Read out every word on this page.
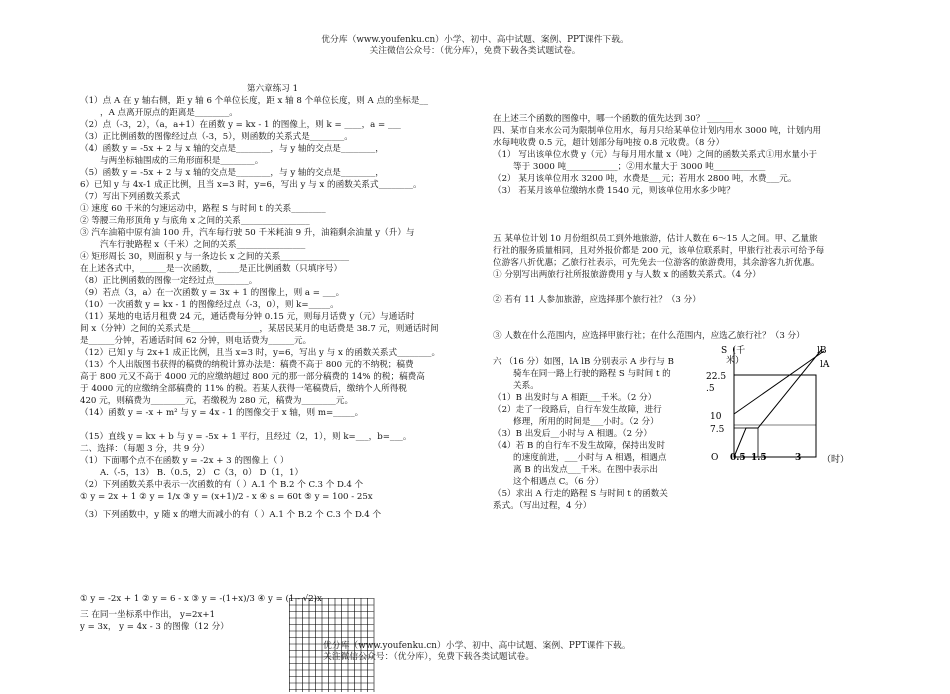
优分库（www.youfenku.cn）小学、初中、高中试题、案例、PPT课件下载。
关注微信公众号：（优分库），免费下载各类试题试卷。
第六章练习 1
（1）点 A 在 y 轴右侧，距 y 轴 6 个单位长度，距 x 轴 8 个单位长度，则 A 点的坐标是__
，A 点离开原点的距离是________。
（2）点（-3，2），（a，a+1）在函数 y = kx - 1 的图像上，则 k = ____，a = ___
（3）正比例函数的图像经过点（-3，5），则函数的关系式是________。
（4）函数 y = -5x + 2 与 x 轴的交点是________，与 y 轴的交点是________，
与两坐标轴围成的三角形面积是________。
（5）函数 y = -5x + 2 与 x 轴的交点是________，与 y 轴的交点是________，
6）已知 y 与 4x-1 成正比例，且当 x=3 时，y=6，写出 y 与 x 的函数关系式________。
（7）写出下列函数关系式
① 速度 60 千米的匀速运动中，路程 S 与时间 t 的关系________
② 等腰三角形顶角 y 与底角 x 之间的关系________________
③ 汽车油箱中原有油 100 升，汽车每行驶 50 千米耗油 9 升，油箱剩余油量 y（升）与
汽车行驶路程 x（千米）之间的关系________________
④ 矩形周长 30，则面积 y 与一条边长 x 之间的关系________________
在上述各式中，______是一次函数，_____是正比例函数（只填序号）
（8）正比例函数的图像一定经过点________。
（9）若点（3，a）在一次函数 y = 3x + 1 的图像上，则 a = ___。
（10）一次函数 y = kx - 1 的图像经过点（-3，0），则 k=_____。
（11）某地的电话月租费 24 元，通话费每分钟 0.15 元，则每月话费 y（元）与通话时
间 x（分钟）之间的关系式是________________，某居民某月的电话费是 38.7 元，则通话时间
是______分钟，若通话时间 62 分钟，则电话费为______元。
（12）已知 y 与 2x+1 成正比例，且当 x=3 时，y=6，写出 y 与 x 的函数关系式________。
（13）个人出版图书获得的稿费的纳税计算办法是：稿费不高于 800 元的不纳税；稿费
高于 800 元又不高于 4000 元的应缴纳超过 800 元的那一部分稿费的 14% 的税；稿费高
于 4000 元的应缴纳全部稿费的 11% 的税。若某人获得一笔稿费后，缴纳个人所得税
420 元，则稿费为________元，若缴税为 280 元，稿费为________元。
（14）函数 y = -x + m² 与 y = 4x - 1 的图像交于 x 轴，则 m=_____。
（15）直线 y = kx + b 与 y = -5x + 1 平行，且经过（2，1），则 k=___，b=___。
二、选择：（每题 3 分，共 9 分）
（1）下面哪个点不在函数 y = -2x + 3 的图像上（ ）
A.（-5，13） B.（0.5，2） C（3，0） D（1，1）
（2）下列函数关系中表示一次函数的有（ ）A.1 个 B.2 个 C.3 个 D.4 个
① y = 2x + 1 ② y = 1/x ③ y = (x+1)/2 - x ④ s = 60t ⑤ y = 100 - 25x
（3）下列函数中，y 随 x 的增大而减小的有（ ）A.1 个 B.2 个 C.3 个 D.4 个
① y = -2x + 1 ② y = 6 - x ③ y = -(1+x)/3 ④ y = (1 - √2)x
三 在同一坐标系中作出， y=2x+1
y = 3x， y = 4x - 3 的图像（12 分）
在上述三个函数的图像中，哪一个函数的值先达到 30？ ______
四、某市自来水公司为限制单位用水，每月只给某单位计划内用水 3000 吨，计划内用
水每吨收费 0.5 元，超计划部分每吨按 0.8 元收费。（8 分）
（1） 写出该单位水费 y（元）与每月用水量 x（吨）之间的函数关系式①用水量小于
等于 3000 吨____________；②用水量大于 3000 吨____________
（2） 某月该单位用水 3200 吨，水费是___元；若用水 2800 吨，水费___元。
（3） 若某月该单位缴纳水费 1540 元，则该单位用水多少吨？
五 某单位计划 10 月份组织员工到外地旅游，估计人数在 6～15 人之间。甲、乙量旅
行社的服务质量相同，且对外报价都是 200 元，该单位联系时，甲旅行社表示可给予每
位游客八折优惠；乙旅行社表示，可先免去一位游客的旅游费用，其余游客九折优惠。
① 分别写出两旅行社所报旅游费用 y 与人数 x 的函数关系式。（4 分）
② 若有 11 人参加旅游，应选择那个旅行社？（3 分）
③ 人数在什么范围内，应选择甲旅行社；在什么范围内，应选乙旅行社？（3 分）
六 （16 分）如图，lA lB 分别表示 A 步行与 B
骑车在同一路上行驶的路程 S 与时间 t 的
关系。
（1）B 出发时与 A 相距___千米。（2 分）
（2）走了一段路后，自行车发生故障，进行
修理，所用的时间是___小时。（2 分）
（3）B 出发后__小时与 A 相遇。（2 分）
（4）若 B 的自行车不发生故障，保持出发时
的速度前进，___小时与 A 相遇，相遇点
离 B 的出发点___千米。在图中表示出
这个相遇点 C。（6 分）
（5）求出 A 行走的路程 S 与时间 t 的函数关
系式。（写出过程，4 分）
S（千
米）
22.5
.5
10
7.5
O 0.5 1.5	3 （时）
lB
lA
优分库（www.youfenku.cn）小学、初中、高中试题、案例、PPT课件下载。
关注微信公众号：（优分库），免费下载各类试题试卷。
